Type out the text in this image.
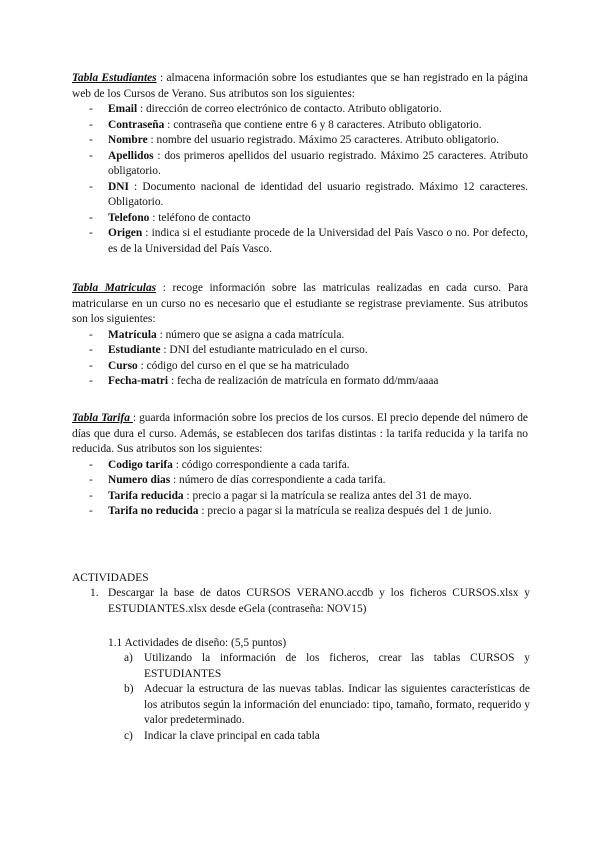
Tabla Estudiantes : almacena información sobre los estudiantes que se han registrado en la página web de los Cursos de Verano. Sus atributos son los siguientes:

- Email : dirección de correo electrónico de contacto. Atributo obligatorio.
- Contraseña : contraseña que contiene entre 6 y 8 caracteres. Atributo obligatorio.
- Nombre : nombre del usuario registrado. Máximo 25 caracteres. Atributo obligatorio.
- Apellidos : dos primeros apellidos del usuario registrado. Máximo 25 caracteres. Atributo obligatorio.
- DNI : Documento nacional de identidad del usuario registrado. Máximo 12 caracteres. Obligatorio.
- Telefono : teléfono de contacto
- Origen : indica si el estudiante procede de la Universidad del País Vasco o no. Por defecto, es de la Universidad del País Vasco.

Tabla Matriculas : recoge información sobre las matriculas realizadas en cada curso. Para matricularse en un curso no es necesario que el estudiante se registrase previamente. Sus atributos son los siguientes:

- Matrícula : número que se asigna a cada matrícula.
- Estudiante : DNI del estudiante matriculado en el curso.
- Curso : código del curso en el que se ha matriculado
- Fecha-matri : fecha de realización de matrícula en formato dd/mm/aaaa

Tabla Tarifa : guarda información sobre los precios de los cursos. El precio depende del número de días que dura el curso. Además, se establecen dos tarifas distintas : la tarifa reducida y la tarifa no reducida. Sus atributos son los siguientes:

- Codigo tarifa : código correspondiente a cada tarifa.
- Numero dias : número de días correspondiente a cada tarifa.
- Tarifa reducida : precio a pagar si la matrícula se realiza antes del 31 de mayo.
- Tarifa no reducida : precio a pagar si la matrícula se realiza después del 1 de junio.
ACTIVIDADES
1. Descargar la base de datos CURSOS VERANO.accdb y los ficheros CURSOS.xlsx y ESTUDIANTES.xlsx desde eGela (contraseña: NOV15)

1.1 Actividades de diseño: (5,5 puntos)
a) Utilizando la información de los ficheros, crear las tablas CURSOS y ESTUDIANTES
b) Adecuar la estructura de las nuevas tablas. Indicar las siguientes características de los atributos según la información del enunciado: tipo, tamaño, formato, requerido y valor predeterminado.
c) Indicar la clave principal en cada tabla
